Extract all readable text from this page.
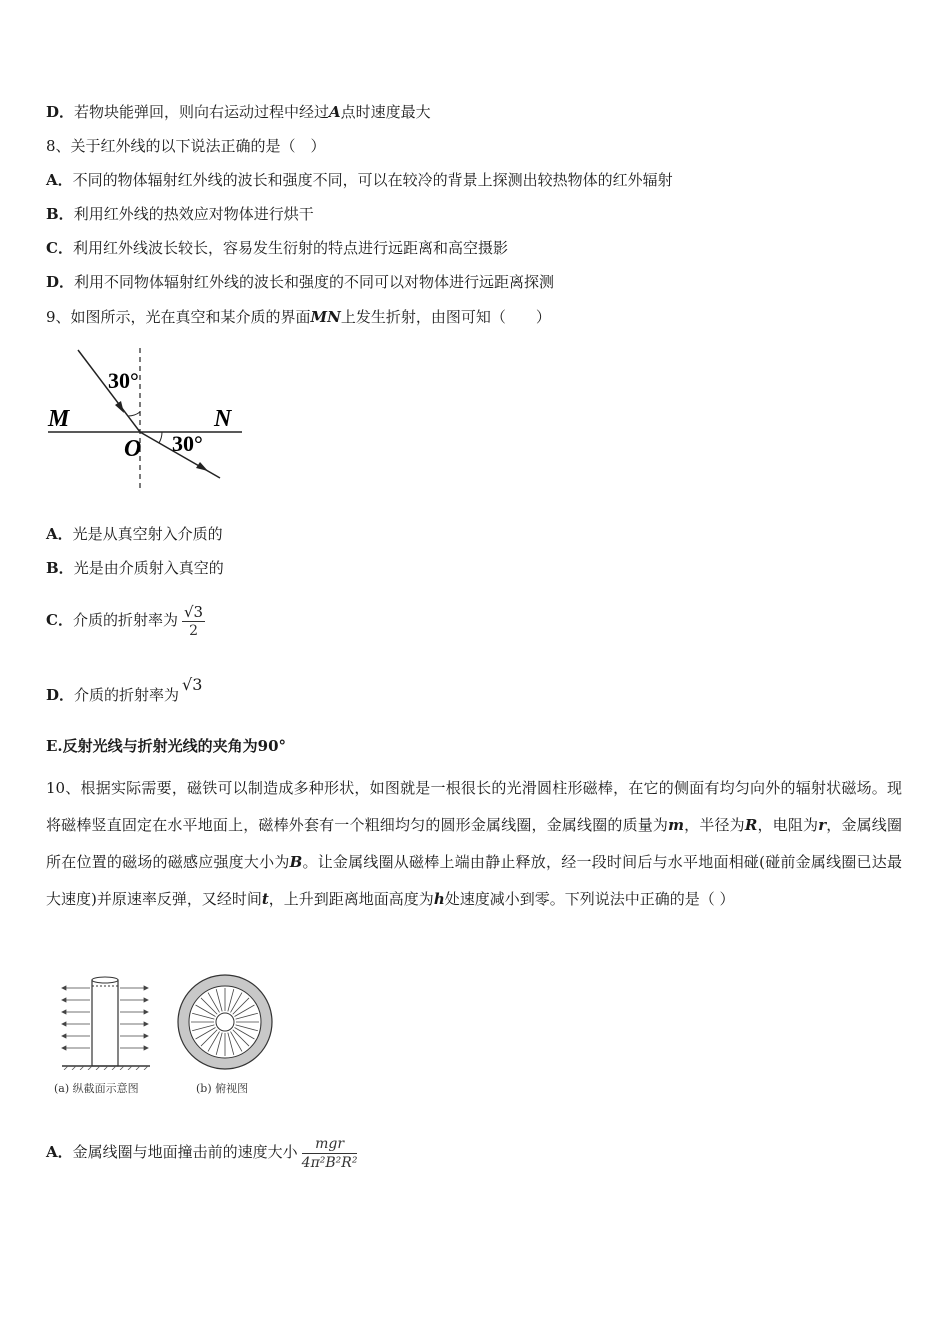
D．若物块能弹回，则向右运动过程中经过A点时速度最大
8、关于红外线的以下说法正确的是（　）
A．不同的物体辐射红外线的波长和强度不同，可以在较冷的背景上探测出较热物体的红外辐射
B．利用红外线的热效应对物体进行烘干
C．利用红外线波长较长，容易发生衍射的特点进行远距离和高空摄影
D．利用不同物体辐射红外线的波长和强度的不同可以对物体进行远距离探测
9、如图所示，光在真空和某介质的界面MN上发生折射，由图可知（　　）
30°
30°
M	N
O
A．光是从真空射入介质的
B．光是由介质射入真空的
C．介质的折射率为 $\frac{√3}{2}$
D．介质的折射率为√3
E.反射光线与折射光线的夹角为90°
10、根据实际需要，磁铁可以制造成多种形状，如图就是一根很长的光滑圆柱形磁棒，在它的侧面有均匀向外的辐射状磁场。现将磁棒竖直固定在水平地面上，磁棒外套有一个粗细均匀的圆形金属线圈，金属线圈的质量为m，半径为R，电阻为r，金属线圈所在位置的磁场的磁感应强度大小为B。让金属线圈从磁棒上端由静止释放，经一段时间后与水平地面相碰(碰前金属线圈已达最大速度)并原速率反弹，又经时间t，上升到距离地面高度为h处速度减小到零。下列说法中正确的是（ ）
(a) 纵截面示意图	(b) 俯视图
A．金属线圈与地面撞击前的速度大小 $\frac{\text{mgr}}{\text{4π²B²R²}}$
